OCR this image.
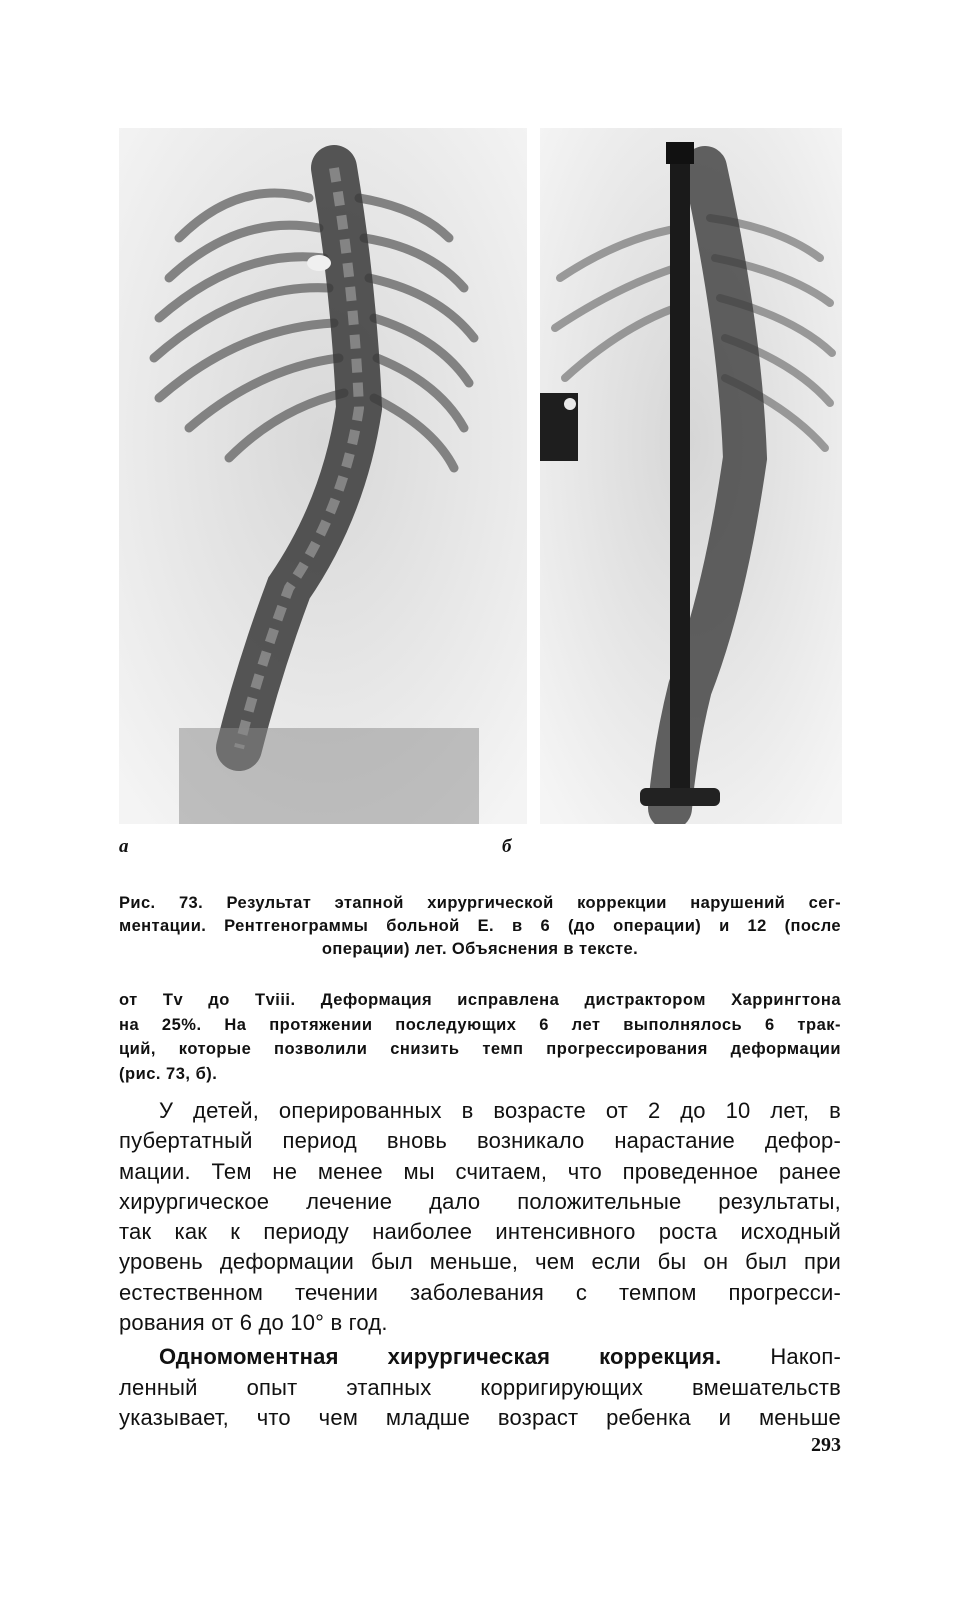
а	б
Рис. 73. Результат этапной хирургической коррекции нарушений сег-
ментации. Рентгенограммы больной Е. в 6 (до операции) и 12 (после
операции) лет. Объяснения в тексте.
от Tv до Tviii. Деформация исправлена дистрактором Харрингтона
на 25%. На протяжении последующих 6 лет выполнялось 6 трак-
ций, которые позволили снизить темп прогрессирования деформации
(рис. 73, б).
У детей, оперированных в возрасте от 2 до 10 лет, в
пубертатный период вновь возникало нарастание дефор-
мации. Тем не менее мы считаем, что проведенное ранее
хирургическое лечение дало положительные результаты,
так как к периоду наиболее интенсивного роста исходный
уровень деформации был меньше, чем если бы он был при
естественном течении заболевания с темпом прогресси-
рования от 6 до 10° в год.
Одномоментная хирургическая коррекция. Накоп-
ленный опыт этапных корригирующих вмешательств
указывает, что чем младше возраст ребенка и меньше
293
